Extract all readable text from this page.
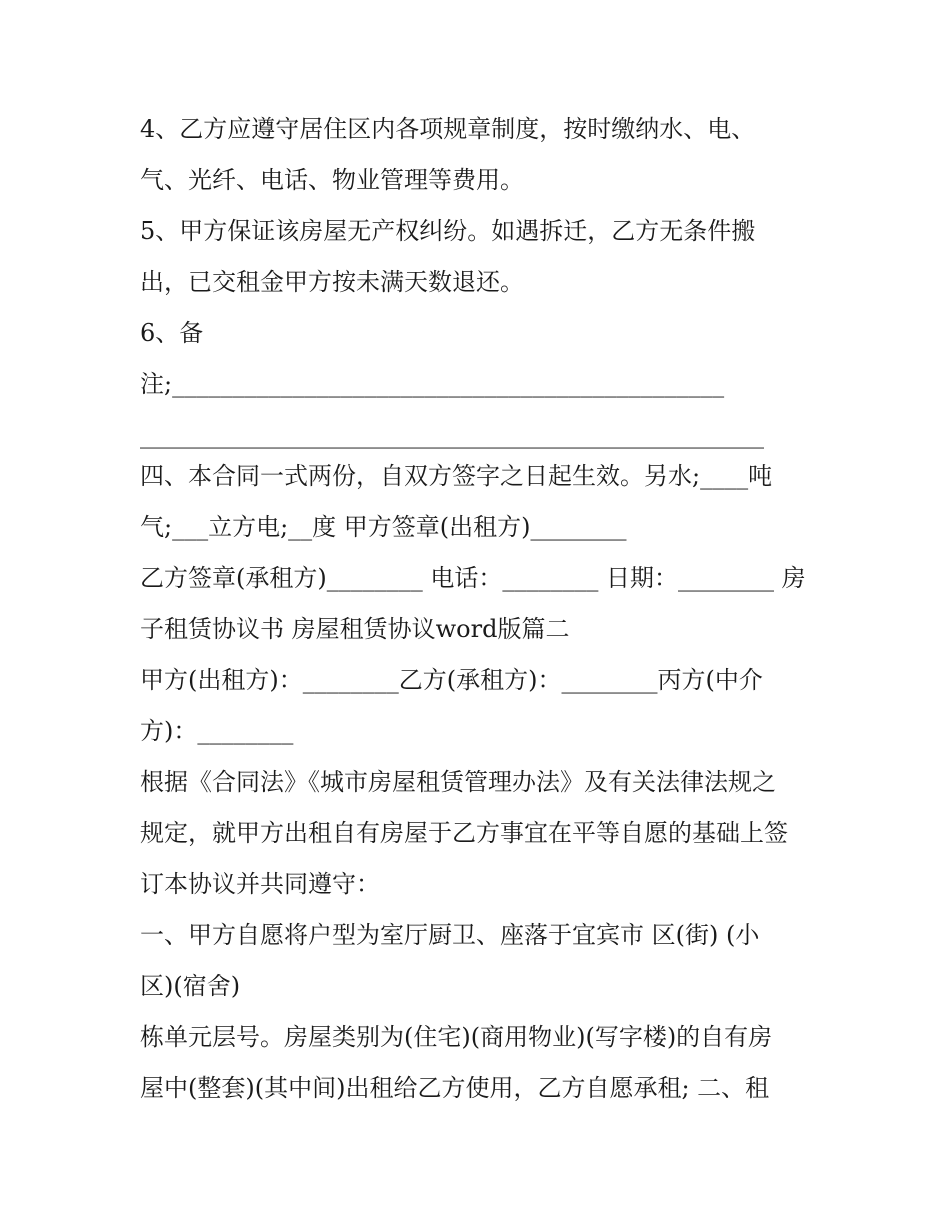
4、乙方应遵守居住区内各项规章制度，按时缴纳水、电、
气、光纤、电话、物业管理等费用。
5、甲方保证该房屋无产权纠纷。如遇拆迁，乙方无条件搬
出，已交租金甲方按未满天数退还。
6、备
注;______________________________________________
____________________________________________________
四、本合同一式两份，自双方签字之日起生效。另水;____吨
气;___立方电;__度 甲方签章(出租方)________
乙方签章(承租方)________ 电话：________ 日期：________ 房
子租赁协议书 房屋租赁协议word版篇二
甲方(出租方)：________乙方(承租方)：________丙方(中介
方)：________
根据《合同法》《城市房屋租赁管理办法》及有关法律法规之
规定，就甲方出租自有房屋于乙方事宜在平等自愿的基础上签
订本协议并共同遵守：
一、甲方自愿将户型为室厅厨卫、座落于宜宾市 区(街) (小
区)(宿舍)
栋单元层号。房屋类别为(住宅)(商用物业)(写字楼)的自有房
屋中(整套)(其中间)出租给乙方使用，乙方自愿承租; 二、租
